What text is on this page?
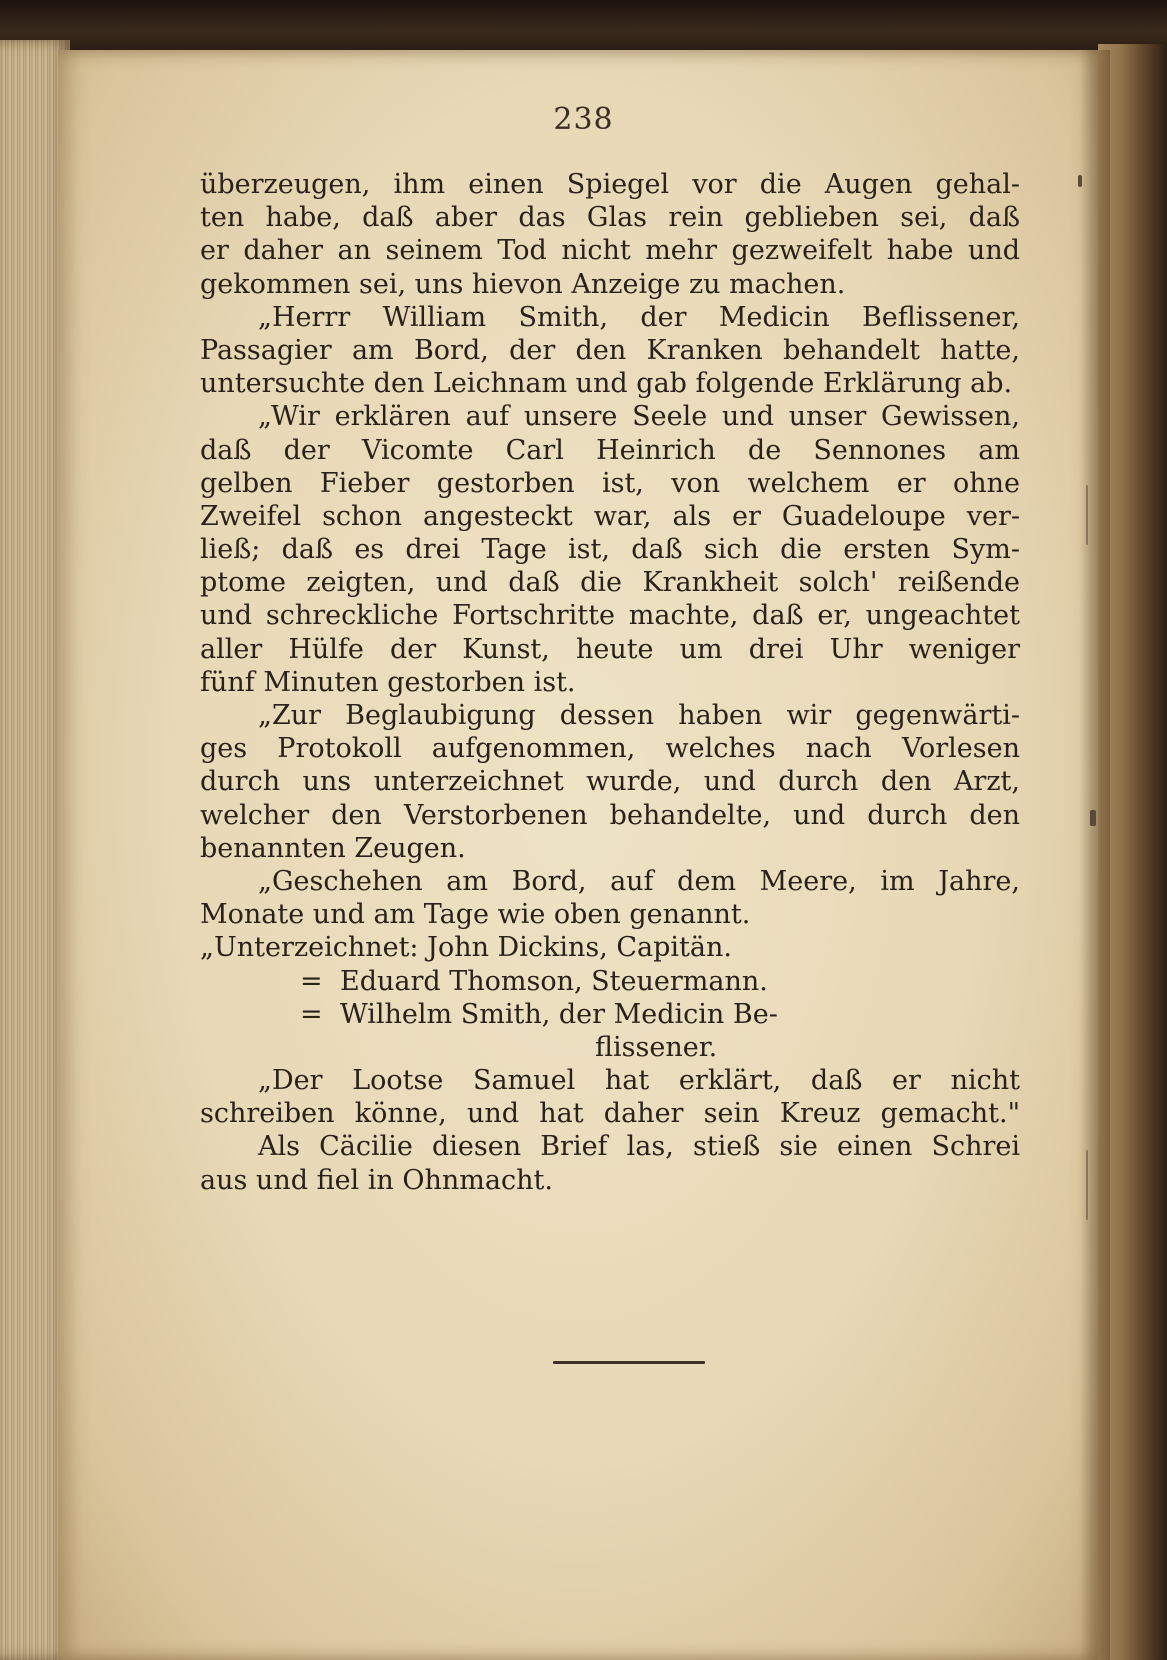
238
überzeugen, ihm einen Spiegel vor die Augen gehal-
ten habe, daß aber das Glas rein geblieben sei, daß
er daher an seinem Tod nicht mehr gezweifelt habe und
gekommen sei, uns hievon Anzeige zu machen.
„Herrr William Smith, der Medicin Beflissener,
Passagier am Bord, der den Kranken behandelt hatte,
untersuchte den Leichnam und gab folgende Erklärung ab.
„Wir erklären auf unsere Seele und unser Gewissen,
daß der Vicomte Carl Heinrich de Sennones am
gelben Fieber gestorben ist, von welchem er ohne
Zweifel schon angesteckt war, als er Guadeloupe ver-
ließ; daß es drei Tage ist, daß sich die ersten Sym-
ptome zeigten, und daß die Krankheit solch' reißende
und schreckliche Fortschritte machte, daß er, ungeachtet
aller Hülfe der Kunst, heute um drei Uhr weniger
fünf Minuten gestorben ist.
„Zur Beglaubigung dessen haben wir gegenwärti-
ges Protokoll aufgenommen, welches nach Vorlesen
durch uns unterzeichnet wurde, und durch den Arzt,
welcher den Verstorbenen behandelte, und durch den
benannten Zeugen.
„Geschehen am Bord, auf dem Meere, im Jahre,
Monate und am Tage wie oben genannt.
„Unterzeichnet: John Dickins, Capitän.
= Eduard Thomson, Steuermann.
= Wilhelm Smith, der Medicin Be-
flissener.
„Der Lootse Samuel hat erklärt, daß er nicht
schreiben könne, und hat daher sein Kreuz gemacht."
Als Cäcilie diesen Brief las, stieß sie einen Schrei
aus und fiel in Ohnmacht.
